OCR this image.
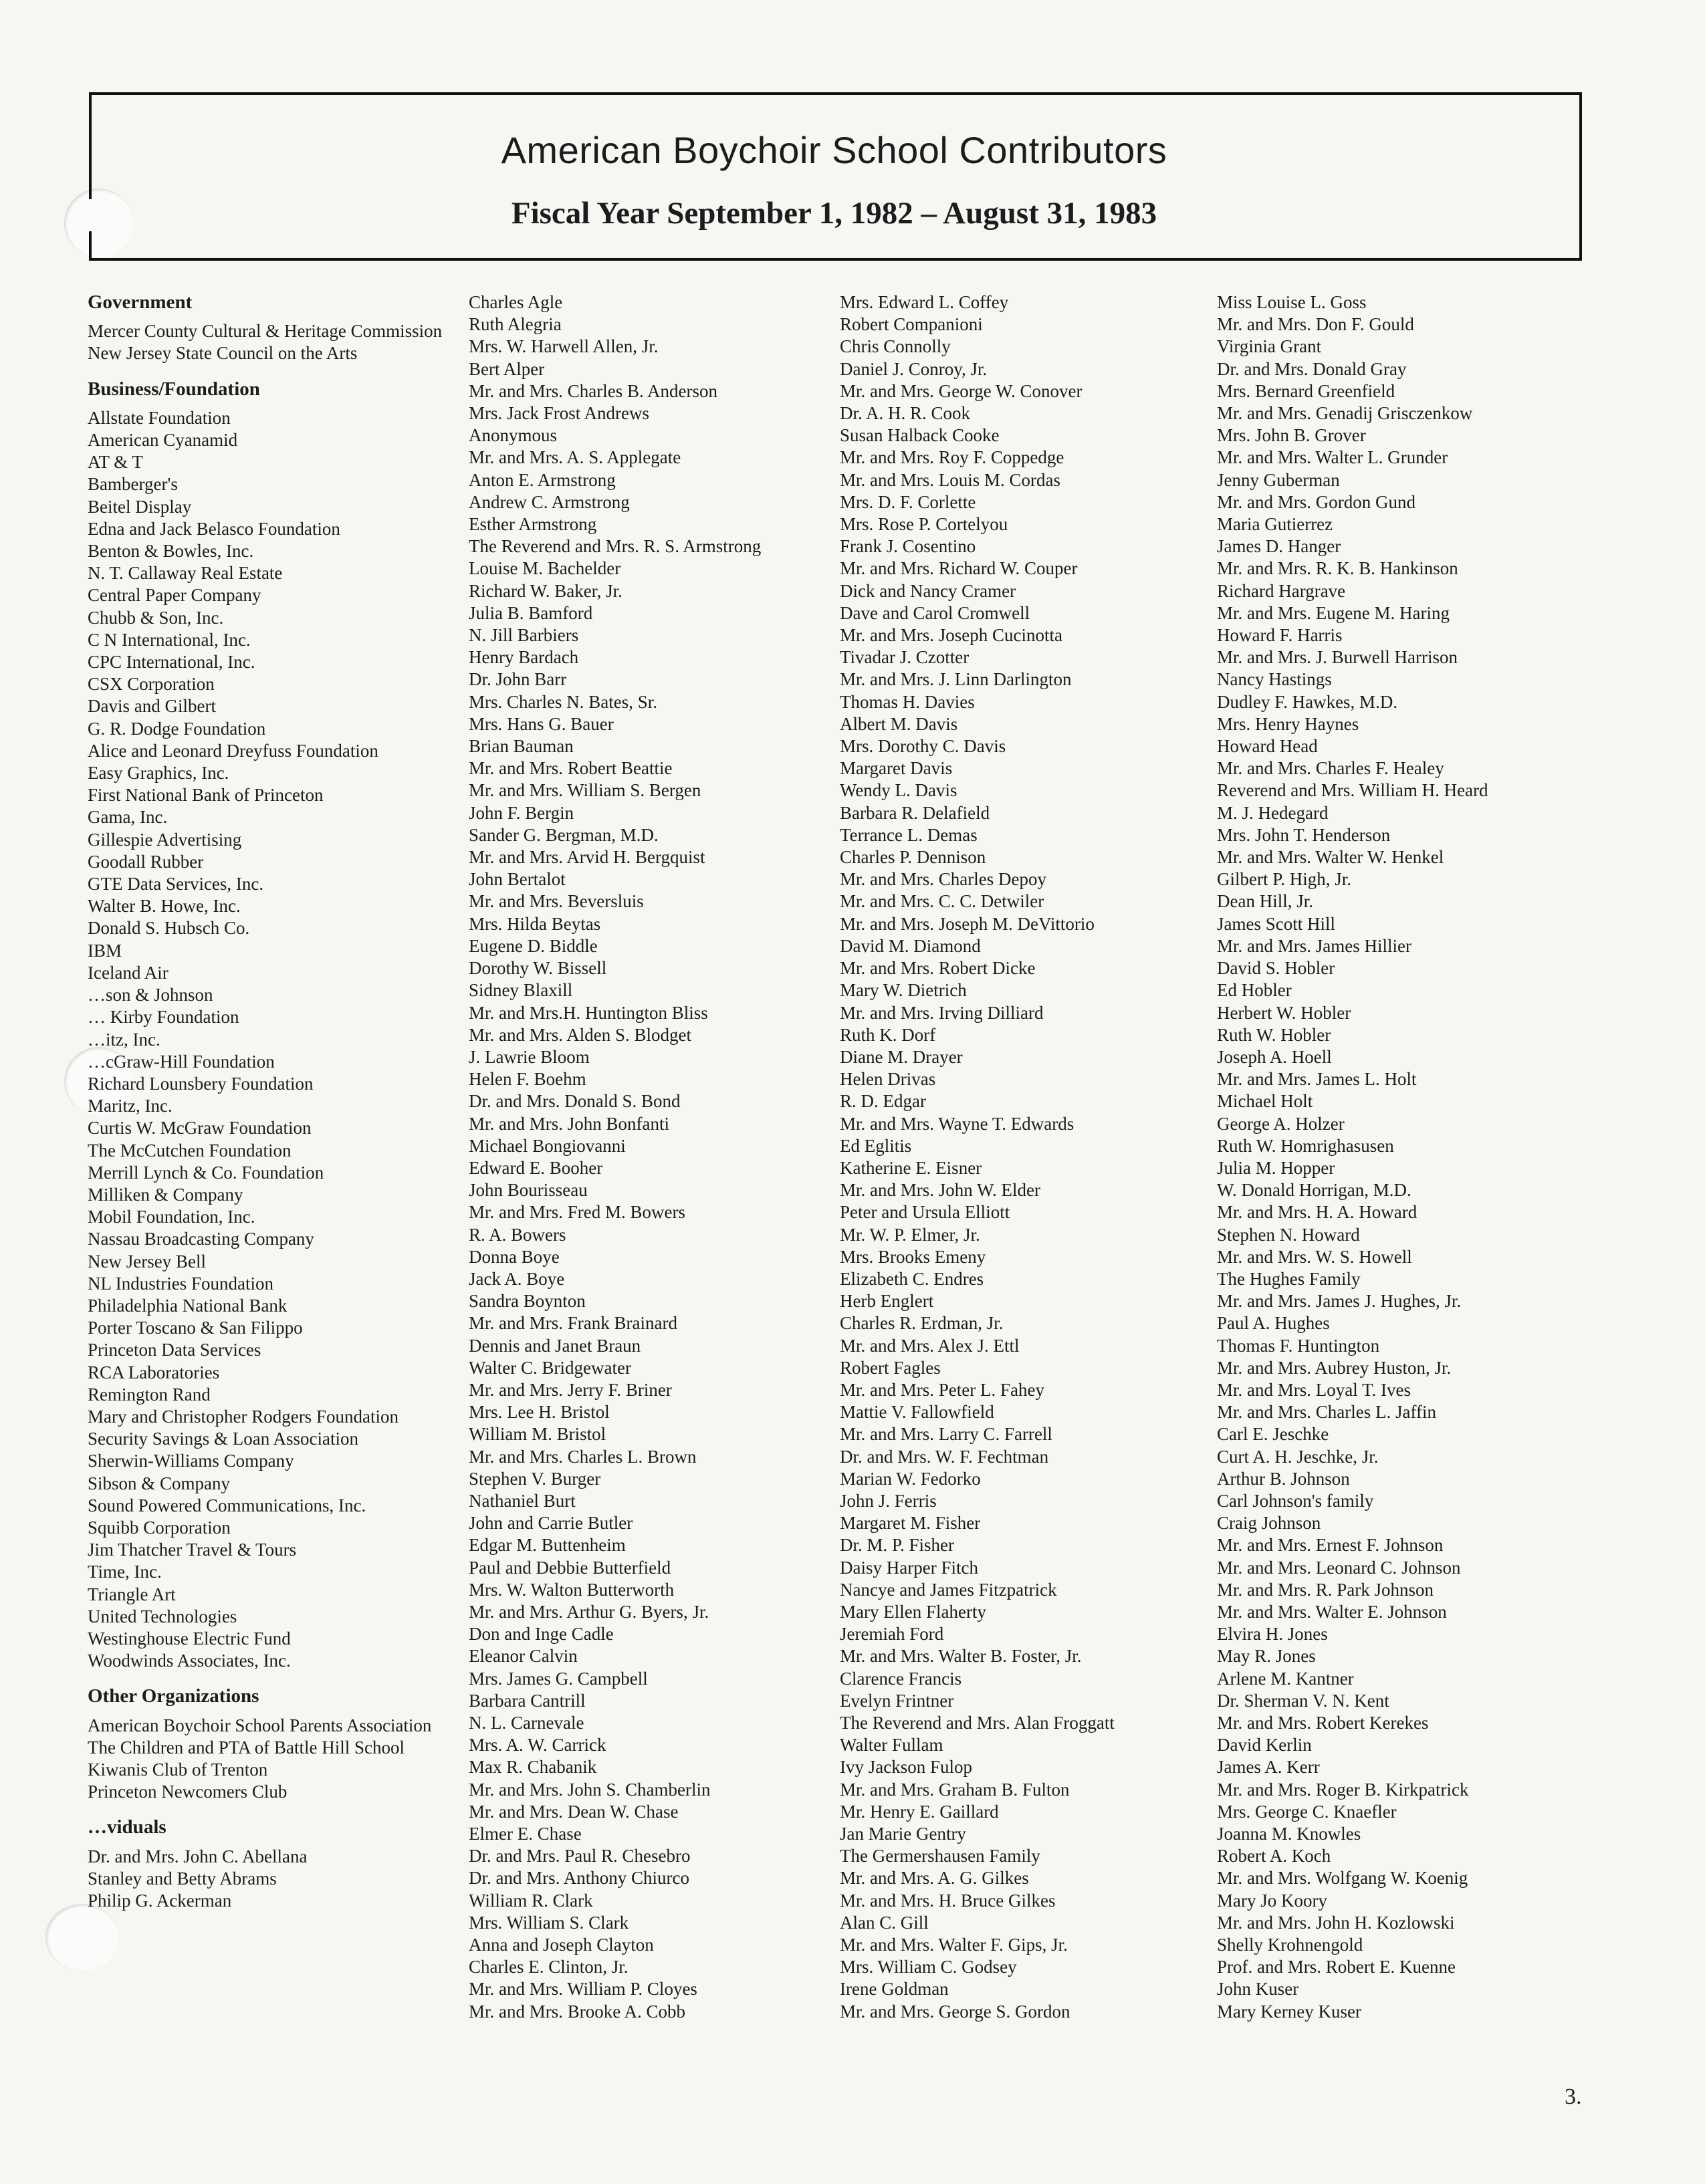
American Boychoir School Contributors
Fiscal Year September 1, 1982 – August 31, 1983
Government
Mercer County Cultural & Heritage Commission
New Jersey State Council on the Arts
Business/Foundation
Allstate Foundation
American Cyanamid
AT & T
Bamberger's
Beitel Display
Edna and Jack Belasco Foundation
Benton & Bowles, Inc.
N. T. Callaway Real Estate
Central Paper Company
Chubb & Son, Inc.
C N International, Inc.
CPC International, Inc.
CSX Corporation
Davis and Gilbert
G. R. Dodge Foundation
Alice and Leonard Dreyfuss Foundation
Easy Graphics, Inc.
First National Bank of Princeton
Gama, Inc.
Gillespie Advertising
Goodall Rubber
GTE Data Services, Inc.
Walter B. Howe, Inc.
Donald S. Hubsch Co.
IBM
Iceland Air
…son & Johnson
… Kirby Foundation
…itz, Inc.
…cGraw-Hill Foundation
Richard Lounsbery Foundation
Maritz, Inc.
Curtis W. McGraw Foundation
The McCutchen Foundation
Merrill Lynch & Co. Foundation
Milliken & Company
Mobil Foundation, Inc.
Nassau Broadcasting Company
New Jersey Bell
NL Industries Foundation
Philadelphia National Bank
Porter Toscano & San Filippo
Princeton Data Services
RCA Laboratories
Remington Rand
Mary and Christopher Rodgers Foundation
Security Savings & Loan Association
Sherwin-Williams Company
Sibson & Company
Sound Powered Communications, Inc.
Squibb Corporation
Jim Thatcher Travel & Tours
Time, Inc.
Triangle Art
United Technologies
Westinghouse Electric Fund
Woodwinds Associates, Inc.
Other Organizations
American Boychoir School Parents Association
The Children and PTA of Battle Hill School
Kiwanis Club of Trenton
Princeton Newcomers Club
…viduals
Dr. and Mrs. John C. Abellana
Stanley and Betty Abrams
Philip G. Ackerman
Charles Agle
Ruth Alegria
Mrs. W. Harwell Allen, Jr.
Bert Alper
Mr. and Mrs. Charles B. Anderson
Mrs. Jack Frost Andrews
Anonymous
Mr. and Mrs. A. S. Applegate
Anton E. Armstrong
Andrew C. Armstrong
Esther Armstrong
The Reverend and Mrs. R. S. Armstrong
Louise M. Bachelder
Richard W. Baker, Jr.
Julia B. Bamford
N. Jill Barbiers
Henry Bardach
Dr. John Barr
Mrs. Charles N. Bates, Sr.
Mrs. Hans G. Bauer
Brian Bauman
Mr. and Mrs. Robert Beattie
Mr. and Mrs. William S. Bergen
John F. Bergin
Sander G. Bergman, M.D.
Mr. and Mrs. Arvid H. Bergquist
John Bertalot
Mr. and Mrs. Beversluis
Mrs. Hilda Beytas
Eugene D. Biddle
Dorothy W. Bissell
Sidney Blaxill
Mr. and Mrs.H. Huntington Bliss
Mr. and Mrs. Alden S. Blodget
J. Lawrie Bloom
Helen F. Boehm
Dr. and Mrs. Donald S. Bond
Mr. and Mrs. John Bonfanti
Michael Bongiovanni
Edward E. Booher
John Bourisseau
Mr. and Mrs. Fred M. Bowers
R. A. Bowers
Donna Boye
Jack A. Boye
Sandra Boynton
Mr. and Mrs. Frank Brainard
Dennis and Janet Braun
Walter C. Bridgewater
Mr. and Mrs. Jerry F. Briner
Mrs. Lee H. Bristol
William M. Bristol
Mr. and Mrs. Charles L. Brown
Stephen V. Burger
Nathaniel Burt
John and Carrie Butler
Edgar M. Buttenheim
Paul and Debbie Butterfield
Mrs. W. Walton Butterworth
Mr. and Mrs. Arthur G. Byers, Jr.
Don and Inge Cadle
Eleanor Calvin
Mrs. James G. Campbell
Barbara Cantrill
N. L. Carnevale
Mrs. A. W. Carrick
Max R. Chabanik
Mr. and Mrs. John S. Chamberlin
Mr. and Mrs. Dean W. Chase
Elmer E. Chase
Dr. and Mrs. Paul R. Chesebro
Dr. and Mrs. Anthony Chiurco
William R. Clark
Mrs. William S. Clark
Anna and Joseph Clayton
Charles E. Clinton, Jr.
Mr. and Mrs. William P. Cloyes
Mr. and Mrs. Brooke A. Cobb
Mrs. Edward L. Coffey
Robert Companioni
Chris Connolly
Daniel J. Conroy, Jr.
Mr. and Mrs. George W. Conover
Dr. A. H. R. Cook
Susan Halback Cooke
Mr. and Mrs. Roy F. Coppedge
Mr. and Mrs. Louis M. Cordas
Mrs. D. F. Corlette
Mrs. Rose P. Cortelyou
Frank J. Cosentino
Mr. and Mrs. Richard W. Couper
Dick and Nancy Cramer
Dave and Carol Cromwell
Mr. and Mrs. Joseph Cucinotta
Tivadar J. Czotter
Mr. and Mrs. J. Linn Darlington
Thomas H. Davies
Albert M. Davis
Mrs. Dorothy C. Davis
Margaret Davis
Wendy L. Davis
Barbara R. Delafield
Terrance L. Demas
Charles P. Dennison
Mr. and Mrs. Charles Depoy
Mr. and Mrs. C. C. Detwiler
Mr. and Mrs. Joseph M. DeVittorio
David M. Diamond
Mr. and Mrs. Robert Dicke
Mary W. Dietrich
Mr. and Mrs. Irving Dilliard
Ruth K. Dorf
Diane M. Drayer
Helen Drivas
R. D. Edgar
Mr. and Mrs. Wayne T. Edwards
Ed Eglitis
Katherine E. Eisner
Mr. and Mrs. John W. Elder
Peter and Ursula Elliott
Mr. W. P. Elmer, Jr.
Mrs. Brooks Emeny
Elizabeth C. Endres
Herb Englert
Charles R. Erdman, Jr.
Mr. and Mrs. Alex J. Ettl
Robert Fagles
Mr. and Mrs. Peter L. Fahey
Mattie V. Fallowfield
Mr. and Mrs. Larry C. Farrell
Dr. and Mrs. W. F. Fechtman
Marian W. Fedorko
John J. Ferris
Margaret M. Fisher
Dr. M. P. Fisher
Daisy Harper Fitch
Nancye and James Fitzpatrick
Mary Ellen Flaherty
Jeremiah Ford
Mr. and Mrs. Walter B. Foster, Jr.
Clarence Francis
Evelyn Frintner
The Reverend and Mrs. Alan Froggatt
Walter Fullam
Ivy Jackson Fulop
Mr. and Mrs. Graham B. Fulton
Mr. Henry E. Gaillard
Jan Marie Gentry
The Germershausen Family
Mr. and Mrs. A. G. Gilkes
Mr. and Mrs. H. Bruce Gilkes
Alan C. Gill
Mr. and Mrs. Walter F. Gips, Jr.
Mrs. William C. Godsey
Irene Goldman
Mr. and Mrs. George S. Gordon
Miss Louise L. Goss
Mr. and Mrs. Don F. Gould
Virginia Grant
Dr. and Mrs. Donald Gray
Mrs. Bernard Greenfield
Mr. and Mrs. Genadij Grisczenkow
Mrs. John B. Grover
Mr. and Mrs. Walter L. Grunder
Jenny Guberman
Mr. and Mrs. Gordon Gund
Maria Gutierrez
James D. Hanger
Mr. and Mrs. R. K. B. Hankinson
Richard Hargrave
Mr. and Mrs. Eugene M. Haring
Howard F. Harris
Mr. and Mrs. J. Burwell Harrison
Nancy Hastings
Dudley F. Hawkes, M.D.
Mrs. Henry Haynes
Howard Head
Mr. and Mrs. Charles F. Healey
Reverend and Mrs. William H. Heard
M. J. Hedegard
Mrs. John T. Henderson
Mr. and Mrs. Walter W. Henkel
Gilbert P. High, Jr.
Dean Hill, Jr.
James Scott Hill
Mr. and Mrs. James Hillier
David S. Hobler
Ed Hobler
Herbert W. Hobler
Ruth W. Hobler
Joseph A. Hoell
Mr. and Mrs. James L. Holt
Michael Holt
George A. Holzer
Ruth W. Homrighasusen
Julia M. Hopper
W. Donald Horrigan, M.D.
Mr. and Mrs. H. A. Howard
Stephen N. Howard
Mr. and Mrs. W. S. Howell
The Hughes Family
Mr. and Mrs. James J. Hughes, Jr.
Paul A. Hughes
Thomas F. Huntington
Mr. and Mrs. Aubrey Huston, Jr.
Mr. and Mrs. Loyal T. Ives
Mr. and Mrs. Charles L. Jaffin
Carl E. Jeschke
Curt A. H. Jeschke, Jr.
Arthur B. Johnson
Carl Johnson's family
Craig Johnson
Mr. and Mrs. Ernest F. Johnson
Mr. and Mrs. Leonard C. Johnson
Mr. and Mrs. R. Park Johnson
Mr. and Mrs. Walter E. Johnson
Elvira H. Jones
May R. Jones
Arlene M. Kantner
Dr. Sherman V. N. Kent
Mr. and Mrs. Robert Kerekes
David Kerlin
James A. Kerr
Mr. and Mrs. Roger B. Kirkpatrick
Mrs. George C. Knaefler
Joanna M. Knowles
Robert A. Koch
Mr. and Mrs. Wolfgang W. Koenig
Mary Jo Koory
Mr. and Mrs. John H. Kozlowski
Shelly Krohnengold
Prof. and Mrs. Robert E. Kuenne
John Kuser
Mary Kerney Kuser
3.
